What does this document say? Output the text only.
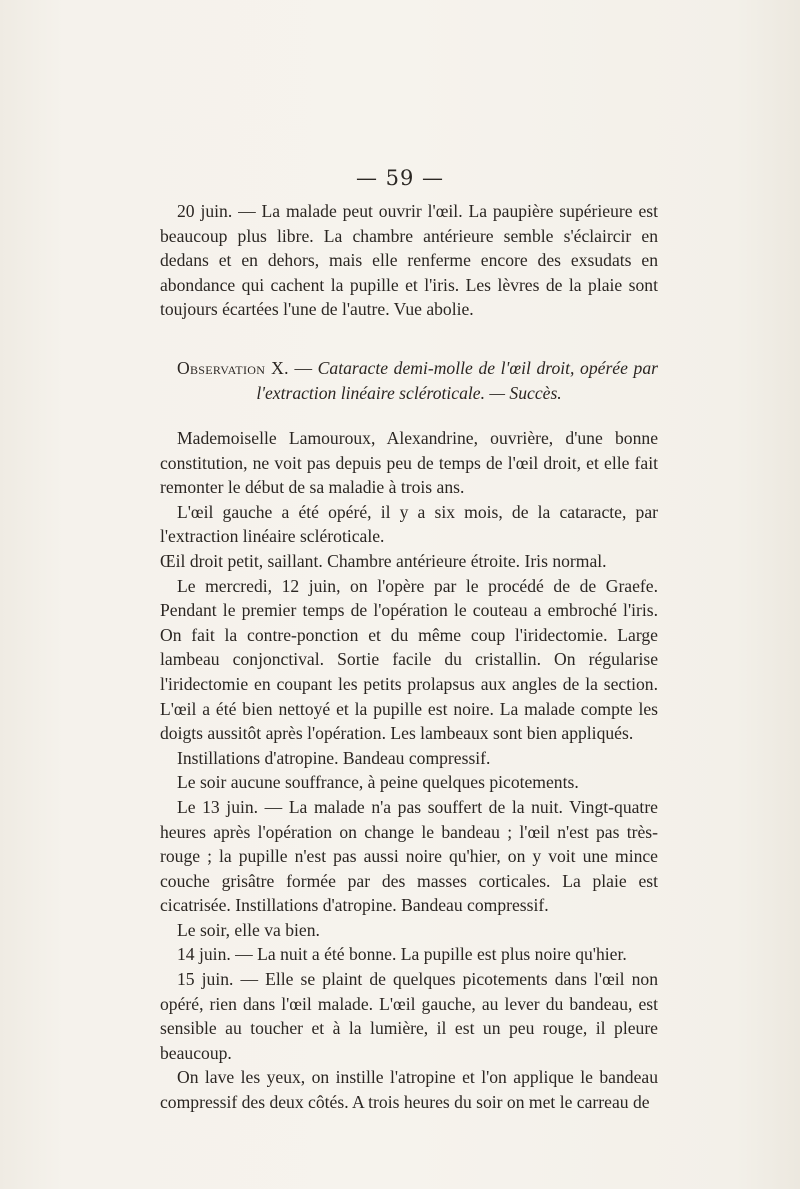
— 59 —

20 juin. — La malade peut ouvrir l'œil. La paupière supérieure est beaucoup plus libre. La chambre antérieure semble s'éclaircir en dedans et en dehors, mais elle renferme encore des exsudats en abondance qui cachent la pupille et l'iris. Les lèvres de la plaie sont toujours écartées l'une de l'autre. Vue abolie.

Observation X. — Cataracte demi-molle de l'œil droit, opérée par l'extraction linéaire scléroticale. — Succès.

Mademoiselle Lamouroux, Alexandrine, ouvrière, d'une bonne constitution, ne voit pas depuis peu de temps de l'œil droit, et elle fait remonter le début de sa maladie à trois ans.

L'œil gauche a été opéré, il y a six mois, de la cataracte, par l'extraction linéaire scléroticale.

Œil droit petit, saillant. Chambre antérieure étroite. Iris normal.

Le mercredi, 12 juin, on l'opère par le procédé de de Graefe. Pendant le premier temps de l'opération le couteau a embroché l'iris. On fait la contre-ponction et du même coup l'iridectomie. Large lambeau conjonctival. Sortie facile du cristallin. On régularise l'iridectomie en coupant les petits prolapsus aux angles de la section. L'œil a été bien nettoyé et la pupille est noire. La malade compte les doigts aussitôt après l'opération. Les lambeaux sont bien appliqués.

Instillations d'atropine. Bandeau compressif.

Le soir aucune souffrance, à peine quelques picotements.

Le 13 juin. — La malade n'a pas souffert de la nuit. Vingt-quatre heures après l'opération on change le bandeau ; l'œil n'est pas très-rouge ; la pupille n'est pas aussi noire qu'hier, on y voit une mince couche grisâtre formée par des masses corticales. La plaie est cicatrisée. Instillations d'atropine. Bandeau compressif.

Le soir, elle va bien.

14 juin. — La nuit a été bonne. La pupille est plus noire qu'hier.

15 juin. — Elle se plaint de quelques picotements dans l'œil non opéré, rien dans l'œil malade. L'œil gauche, au lever du bandeau, est sensible au toucher et à la lumière, il est un peu rouge, il pleure beaucoup.

On lave les yeux, on instille l'atropine et l'on applique le bandeau compressif des deux côtés. A trois heures du soir on met le carreau de
